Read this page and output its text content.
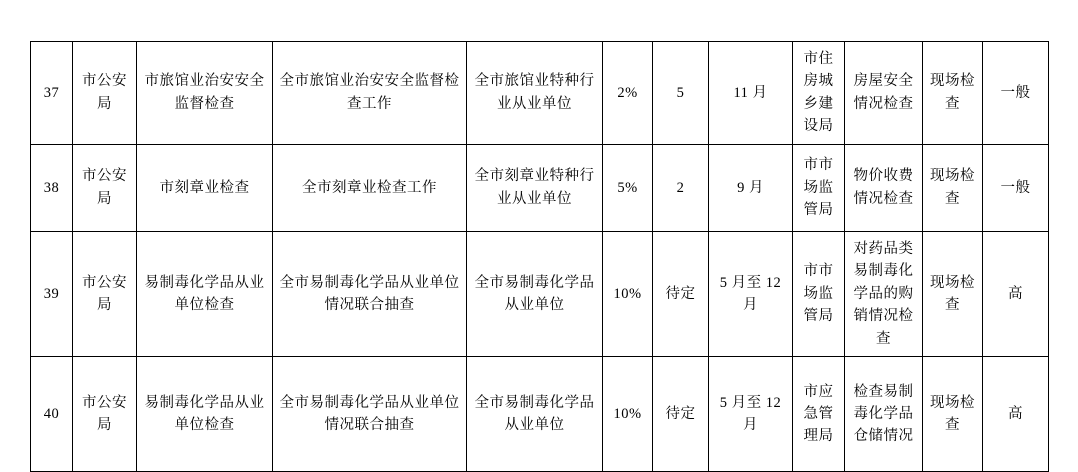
37	市公安局	市旅馆业治安安全监督检查	全市旅馆业治安安全监督检查工作	全市旅馆业特种行业从业单位	2%	5	11 月	市住房城乡建设局	房屋安全情况检查	现场检查	一般
38	市公安局	市刻章业检查	全市刻章业检查工作	全市刻章业特种行业从业单位	5%	2	9 月	市市场监管局	物价收费情况检查	现场检查	一般
39	市公安局	易制毒化学品从业单位检查	全市易制毒化学品从业单位情况联合抽查	全市易制毒化学品从业单位	10%	待定	5 月至 12 月	市市场监管局	对药品类易制毒化学品的购销情况检查	现场检查	高
40	市公安局	易制毒化学品从业单位检查	全市易制毒化学品从业单位情况联合抽查	全市易制毒化学品从业单位	10%	待定	5 月至 12 月	市应急管理局	检查易制毒化学品仓储情况	现场检查	高
